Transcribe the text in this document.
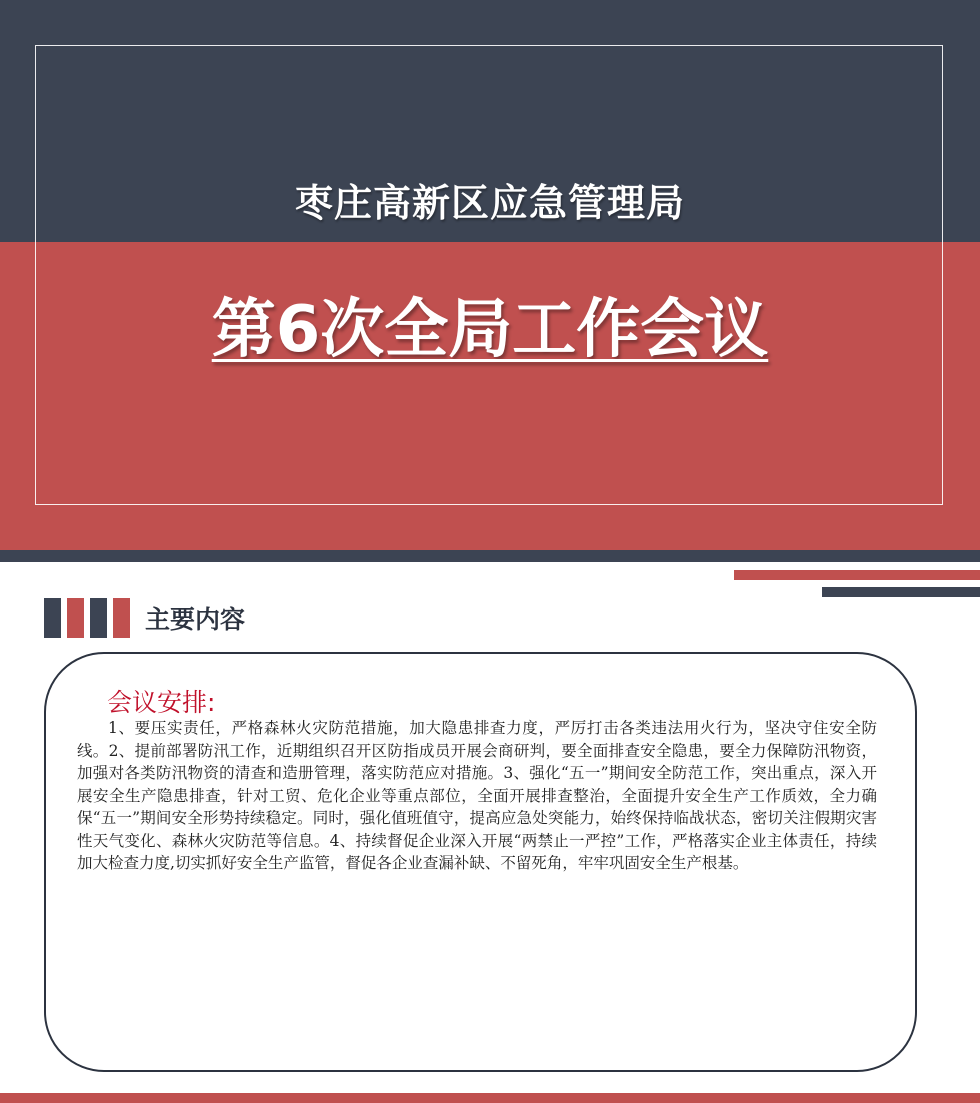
枣庄高新区应急管理局
第6次全局工作会议
主要内容
会议安排:

1、要压实责任，严格森林火灾防范措施，加大隐患排查力度，严厉打击各类违法用火行为，坚决守住安全防线。2、提前部署防汛工作，近期组织召开区防指成员开展会商研判，要全面排查安全隐患，要全力保障防汛物资，加强对各类防汛物资的清查和造册管理，落实防范应对措施。3、强化“五一”期间安全防范工作，突出重点，深入开展安全生产隐患排查，针对工贸、危化企业等重点部位，全面开展排查整治，全面提升安全生产工作质效，全力确保“五一”期间安全形势持续稳定。同时，强化值班值守，提高应急处突能力，始终保持临战状态，密切关注假期灾害性天气变化、森林火灾防范等信息。4、持续督促企业深入开展“两禁止一严控”工作，严格落实企业主体责任，持续加大检查力度,切实抓好安全生产监管，督促各企业查漏补缺、不留死角，牢牢巩固安全生产根基。
